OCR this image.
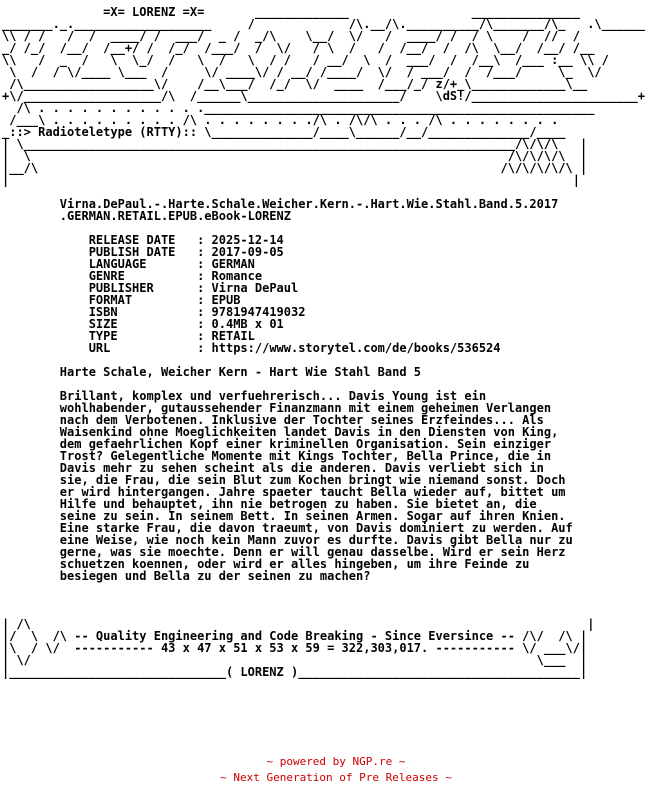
=X= LORENZ =X=       _____________                 _______________
_______._.___________________     /             /\.__/\.__________/\_______/\_   .\______
\\ / /   /  /  ____/ /  ___/  _ /  _/\    \__/  \/   /  ____/ /  / \    /  //  /
_/ /_/  /__/  /__+/ /  /_/  /___/  /  \/   / \  /   /  /__/  /  /\  \__/  /__/ /__
\\   /  _  /   \  \_/  /   \  /   \  / /   / __/  \  /  ___/  /  /__\  /___ :__ \\ /
\  /  / \/____ \___  /     \/ ____\/ / __/ /____/  \/  / ___/  /  /___/     \_  \/
/\__________________\/    /__\___/  /_/  \/  ____  /___/_/ z/+_\_____________\__
+\/___________________/\  /______\_____________________/    \dS!/_______________________+
/\ . . . . . . . . . . . .______________________________________________________
/___\ . . . . . . . . . /\ . . . . . . . ./\ . /\/\ . . . /\ . . . . . . . .
_::> Radioteletype (RTTY):: \______________/____\______/__/______________/____
| \____________________________________________________________________/\/\/\   |
|  \                                                                  /\/\/\/\  |
|__/\                                                                /\/\/\/\/\ |
|                                                                              |
Virna.DePaul.-.Harte.Schale.Weicher.Kern.-.Hart.Wie.Stahl.Band.5.2017
.GERMAN.RETAIL.EPUB.eBook-LORENZ
RELEASE DATE : 2025-12-14
PUBLISH DATE : 2017-09-05
LANGUAGE	: GERMAN
GENRE	: Romance
PUBLISHER	: Virna DePaul
FORMAT	: EPUB
ISBN	: 9781947419032
SIZE	: 0.4MB x 01
TYPE	: RETAIL
URL	: https://www.storytel.com/de/books/536524
Harte Schale, Weicher Kern - Hart Wie Stahl Band 5
Brillant, komplex und verfuehrerisch... Davis Young ist ein
wohlhabender, gutaussehender Finanzmann mit einem geheimen Verlangen
nach dem Verbotenen. Inklusive der Tochter seines Erzfeindes... Als
Waisenkind ohne Moeglichkeiten landet Davis in den Diensten von King,
dem gefaehrlichen Kopf einer kriminellen Organisation. Sein einziger
Trost? Gelegentliche Momente mit Kings Tochter, Bella Prince, die in
Davis mehr zu sehen scheint als die anderen. Davis verliebt sich in
sie, die Frau, die sein Blut zum Kochen bringt wie niemand sonst. Doch
er wird hintergangen. Jahre spaeter taucht Bella wieder auf, bittet um
Hilfe und behauptet, ihn nie betrogen zu haben. Sie bietet an, die
seine zu sein. In seinem Bett. In seinen Armen. Sogar auf ihren Knien.
Eine starke Frau, die davon traeumt, von Davis dominiert zu werden. Auf
eine Weise, wie noch kein Mann zuvor es durfte. Davis gibt Bella nur zu
gerne, was sie moechte. Denn er will genau dasselbe. Wird er sein Herz
schuetzen koennen, oder wird er alles hingeben, um ihre Feinde zu
besiegen und Bella zu der seinen zu machen?
| /\                                                                             |
|/  \  /\ -- Quality Engineering and Code Breaking - Since Eversince -- /\/  /\ |
|\  / \/  ----------- 43 x 47 x 51 x 53 x 59 = 322,303,017. ----------- \/ ___\/|
| \/                                                                      \___  |
|______________________________( LORENZ )_______________________________________|
~ powered by NGP.re ~
~ Next Generation of Pre Releases ~
